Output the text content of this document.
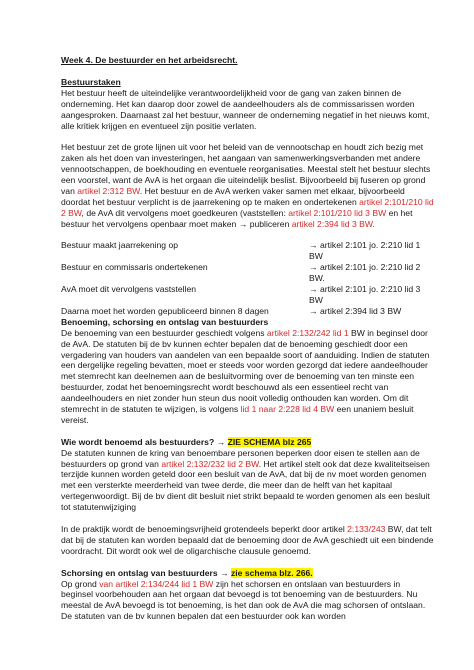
Week 4. De bestuurder en het arbeidsrecht.

Bestuurstaken

Het bestuur heeft de uiteindelijke verantwoordelijkheid voor de gang van zaken binnen de onderneming. Het kan daarop door zowel de aandeelhouders als de commissarissen worden aangesproken. Daarnaast zal het bestuur, wanneer de onderneming negatief in het nieuws komt, alle kritiek krijgen en eventueel zijn positie verlaten.

Het bestuur zet de grote lijnen uit voor het beleid van de vennootschap en houdt zich bezig met zaken als het doen van investeringen, het aangaan van samenwerkingsverbanden met andere vennootschappen, de boekhouding en eventuele reorganisaties. Meestal stelt het bestuur slechts een voorstel, want de AvA is het orgaan die uiteindelijk beslist. Bijvoorbeeld bij fuseren op grond van artikel 2:312 BW. Het bestuur en de AvA werken vaker samen met elkaar, bijvoorbeeld doordat het bestuur verplicht is de jaarrekening op te maken en ondertekenen artikel 2:101/210 lid 2 BW, de AvA dit vervolgens moet goedkeuren (vaststellen: artikel 2:101/210 lid 3 BW en het bestuur het vervolgens openbaar moet maken → publiceren artikel 2:394 lid 3 BW.

Bestuur maakt jaarrekening op	→ artikel 2:101 jo. 2:210 lid 1 BW
Bestuur en commissaris ondertekenen	→ artikel 2:101 jo. 2:210 lid 2 BW.
AvA moet dit vervolgens vaststellen	→ artikel 2:101 jo. 2:210 lid 3 BW
Daarna moet het worden gepubliceerd binnen 8 dagen	→ artikel 2:394 lid 3 BW

Benoeming, schorsing en ontslag van bestuurders

De benoeming van een bestuurder geschiedt volgens artikel 2:132/242 lid 1 BW in beginsel door de AvA. De statuten bij de bv kunnen echter bepalen dat de benoeming geschiedt door een vergadering van houders van aandelen van een bepaalde soort of aanduiding. Indien de statuten een dergelijke regeling bevatten, moet er steeds voor worden gezorgd dat iedere aandeelhouder met stemrecht kan deelnemen aan de besluitvorming over de benoeming van ten minste een bestuurder, zodat het benoemingsrecht wordt beschouwd als een essentieel recht van aandeelhouders en niet zonder hun steun dus nooit volledig onthouden kan worden. Om dit stemrecht in de statuten te wijzigen, is volgens lid 1 naar 2:228 lid 4 BW een unaniem besluit vereist.

Wie wordt benoemd als bestuurders? → ZIE SCHEMA blz 265

De statuten kunnen de kring van benoembare personen beperken door eisen te stellen aan de bestuurders op grond van artikel 2:132/232 lid 2 BW. Het artikel stelt ook dat deze kwaliteitseisen terzijde kunnen worden geteld door een besluit van de AvA, dat bij de nv moet worden genomen met een versterkte meerderheid van twee derde, die meer dan de helft van het kapitaal vertegenwoordigt. Bij de bv dient dit besluit niet strikt bepaald te worden genomen als een besluit tot statutenwijziging

In de praktijk wordt de benoemingsvrijheid grotendeels beperkt door artikel 2:133/243 BW, dat telt dat bij de statuten kan worden bepaald dat de benoeming door de AvA geschiedt uit een bindende voordracht. Dit wordt ook wel de oligarchische clausule genoemd.

Schorsing en ontslag van bestuurders → zie schema blz. 266.

Op grond van artikel 2:134/244 lid 1 BW zijn het schorsen en ontslaan van bestuurders in beginsel voorbehouden aan het orgaan dat bevoegd is tot benoeming van de bestuurders. Nu meestal de AvA bevoegd is tot benoeming, is het dan ook de AvA die mag schorsen of ontslaan. De statuten van de bv kunnen bepalen dat een bestuurder ook kan worden
